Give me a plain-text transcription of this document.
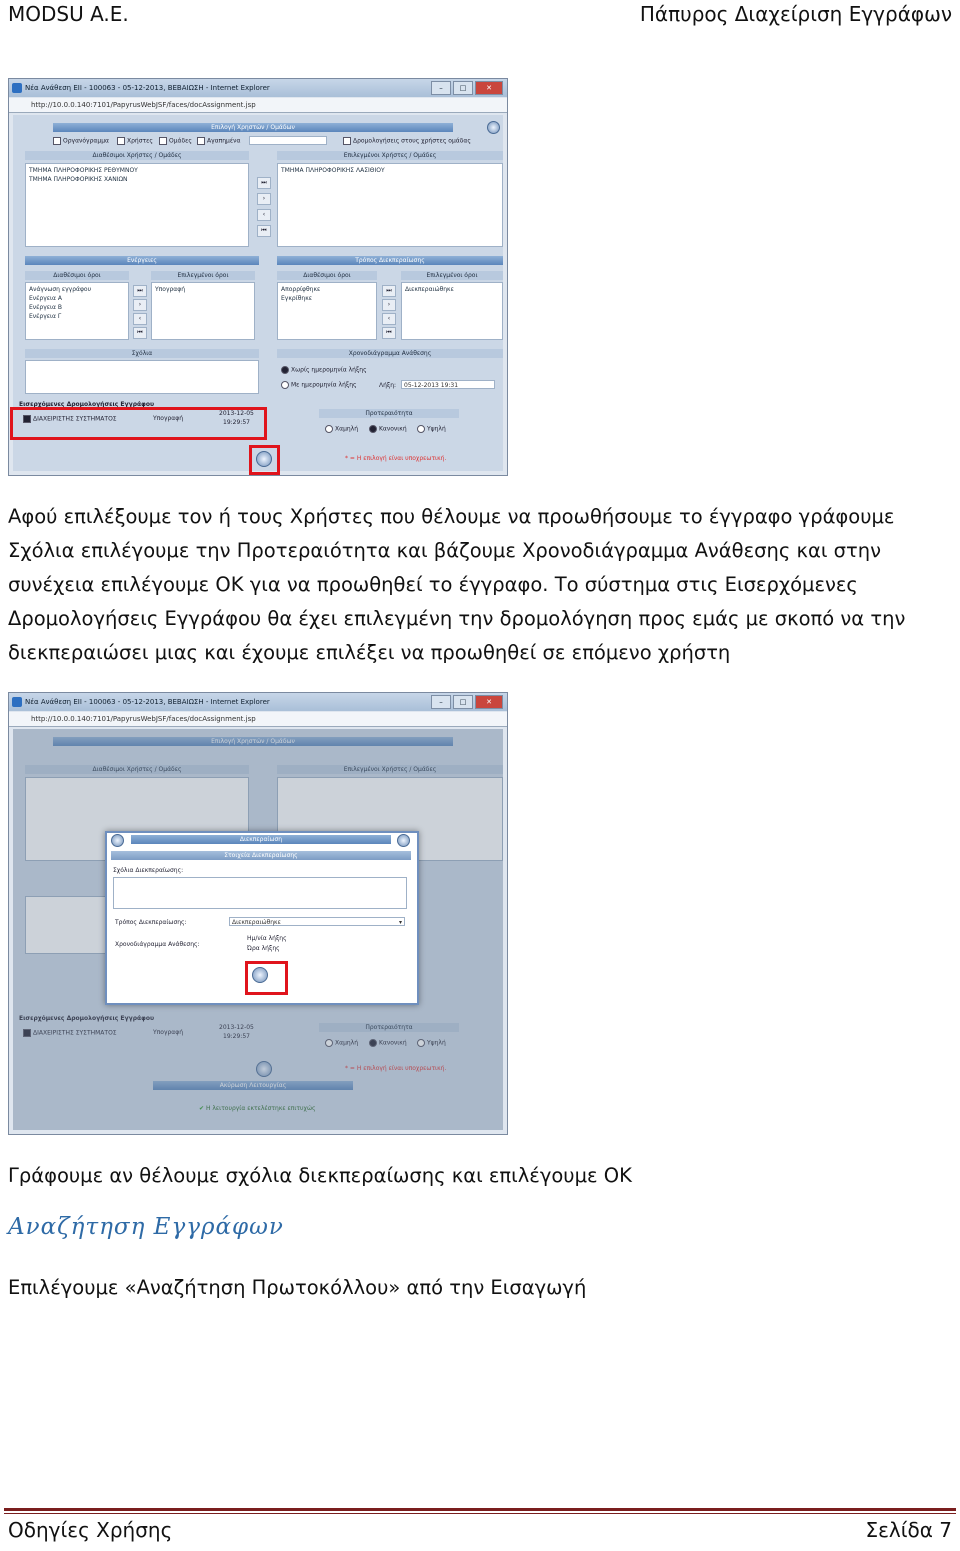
MODSU A.E.	Πάπυρος Διαχείριση Εγγράφων
Νέα Ανάθεση ΕΙΙ - 100063 - 05-12-2013, ΒΕΒΑΙΩΣΗ - Internet Explorer	–	□	✕
http://10.0.0.140:7101/PapyrusWebJSF/faces/docAssignment.jsp
Επιλογή Χρηστών / Ομάδων
Οργανόγραμμα	Χρήστες	Ομάδες	Αγαπημένα	Δρομολογήσεις στους χρήστες ομάδας
Διαθέσιμοι Χρήστες / Ομάδες	Επιλεγμένοι Χρήστες / Ομάδες
ΤΜΗΜΑ ΠΛΗΡΟΦΟΡΙΚΗΣ ΡΕΘΥΜΝΟΥ
ΤΜΗΜΑ ΠΛΗΡΟΦΟΡΙΚΗΣ ΧΑΝΙΩΝ	⏭
›
‹
⏮
ΤΜΗΜΑ ΠΛΗΡΟΦΟΡΙΚΗΣ ΛΑΣΙΘΙΟΥ
Ενέργειες	Τρόπος Διεκπεραίωσης
Διαθέσιμοι όροι	Επιλεγμένοι όροι	Διαθέσιμοι όροι	Επιλεγμένοι όροι
Ανάγνωση εγγράφου
Ενέργεια Α
Ενέργεια Β
Ενέργεια Γ
⏭
›
‹
⏮
Υπογραφή	Απορρίφθηκε
Εγκρίθηκε
⏭
›
‹
⏮
Διεκπεραιώθηκε
Σχόλια	Χρονοδιάγραμμα Ανάθεσης
Χωρίς ημερομηνία λήξης
Με ημερομηνία λήξης	Λήξη:	05-12-2013 19:31
Εισερχόμενες Δρομολογήσεις Εγγράφου
ΔΙΑΧΕΙΡΙΣΤΗΣ ΣΥΣΤΗΜΑΤΟΣ	Υπογραφή
2013-12-05
19:29:57
Προτεραιότητα
Χαμηλή	Κανονική	Υψηλή
* = Η επιλογή είναι υποχρεωτική.
Αφού επιλέξουμε τον ή τους Χρήστες που θέλουμε να προωθήσουμε το έγγραφο γράφουμε Σχόλια επιλέγουμε την Προτεραιότητα και βάζουμε Χρονοδιάγραμμα Ανάθεσης και στην συνέχεια επιλέγουμε ΟΚ για να προωθηθεί το έγγραφο. Το σύστημα στις Εισερχόμενες Δρομολογήσεις Εγγράφου θα έχει επιλεγμένη την δρομολόγηση προς εμάς με σκοπό να την διεκπεραιώσει μιας και έχουμε επιλέξει να προωθηθεί σε επόμενο χρήστη
Νέα Ανάθεση ΕΙΙ - 100063 - 05-12-2013, ΒΕΒΑΙΩΣΗ - Internet Explorer	–	□	✕
http://10.0.0.140:7101/PapyrusWebJSF/faces/docAssignment.jsp
Επιλογή Χρηστών / Ομάδων
Διαθέσιμοι Χρήστες / Ομάδες	Επιλεγμένοι Χρήστες / Ομάδες
Εισερχόμενες Δρομολογήσεις Εγγράφου
ΔΙΑΧΕΙΡΙΣΤΗΣ ΣΥΣΤΗΜΑΤΟΣ	Υπογραφή
2013-12-05
19:29:57
Προτεραιότητα
Χαμηλή	Κανονική	Υψηλή
* = Η επιλογή είναι υποχρεωτική.
Ακύρωση Λειτουργίας
✔ Η λειτουργία εκτελέστηκε επιτυχώς
Διεκπεραίωση
Στοιχεία Διεκπεραίωσης
Σχόλια Διεκπεραίωσης:
Τρόπος Διεκπεραίωσης:	Διεκπεραιώθηκε	▾
Χρονοδιάγραμμα Ανάθεσης:
Ημ/νία λήξης
Ώρα λήξης
Γράφουμε αν θέλουμε σχόλια διεκπεραίωσης και επιλέγουμε ΟΚ
Αναζήτηση Εγγράφων
Επιλέγουμε «Αναζήτηση Πρωτοκόλλου» από την Εισαγωγή
Οδηγίες Χρήσης	Σελίδα 7
